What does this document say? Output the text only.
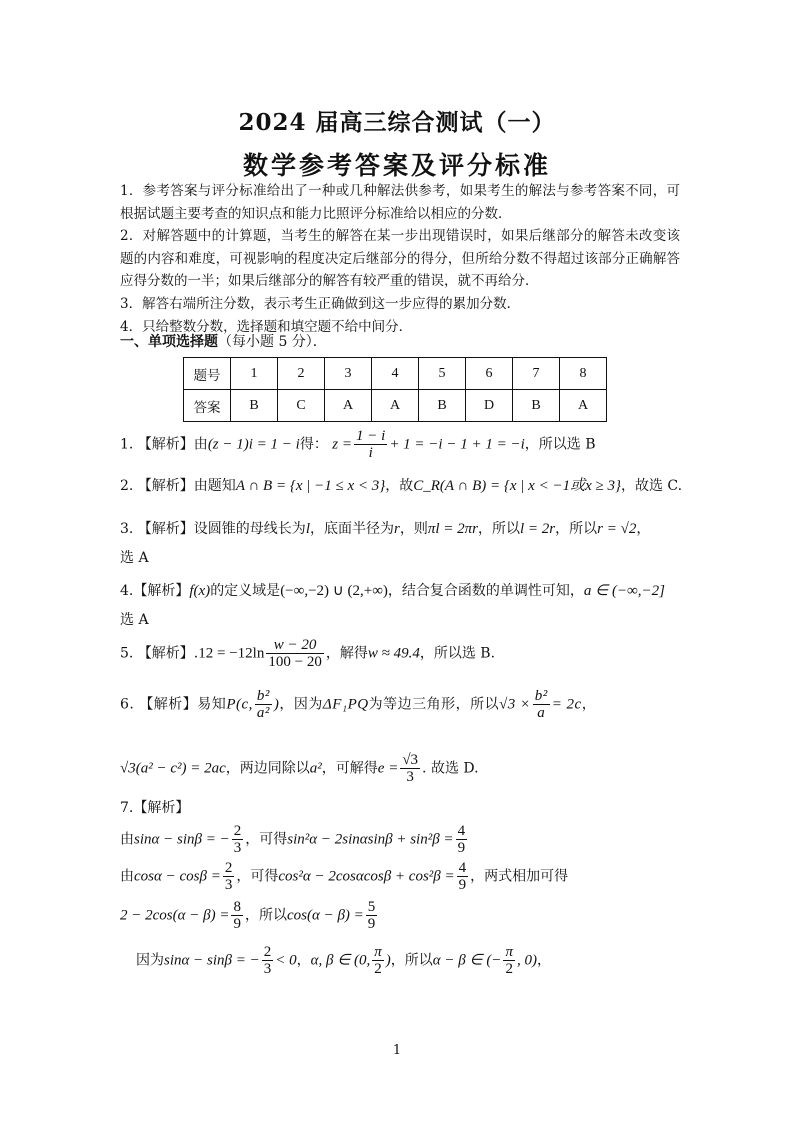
2024 届高三综合测试（一）
数学参考答案及评分标准

1．参考答案与评分标准给出了一种或几种解法供参考，如果考生的解法与参考答案不同，可根据试题主要考查的知识点和能力比照评分标准给以相应的分数．

2．对解答题中的计算题，当考生的解答在某一步出现错误时，如果后继部分的解答未改变该题的内容和难度，可视影响的程度决定后继部分的得分，但所给分数不得超过该部分正确解答应得分数的一半；如果后继部分的解答有较严重的错误，就不再给分．

3．解答右端所注分数，表示考生正确做到这一步应得的累加分数．

4．只给整数分数，选择题和填空题不给中间分．

一、单项选择题（每小题 5 分）．
题号	1	2	3	4	5	6	7	8
答案	B	C	A	A	B	D	B	A
1. 【解析】由(z − 1)i = 1 − i得： $z = \frac{1 - i}{i} + 1 = -i - 1 + 1 = -i$，所以选 B
2. 【解析】由题知A ∩ B = {x | −1 ≤ x < 3}，故C_R(A ∩ B) = {x | x < −1或x ≥ 3}，故选 C.
3. 【解析】设圆锥的母线长为l，底面半径为r，则πl = 2πr，所以l = 2r，所以r = √2，
选 A
4.【解析】f(x)的定义域是(−∞,−2) ∪ (2,+∞)，结合复合函数的单调性可知，a ∈ (−∞,−2]
选 A
5. 【解析】$.12 = -12\ln \frac{w - 20}{100 - 20}$ ，解得w ≈ 49.4，所以选 B.
6. 【解析】易知P(c, $\frac{\text{b²}}{\text{a²}}$ )，因为ΔF₁PQ为等边三角形，所以$√3 \times \frac{\text{b²}}{a} = 2c$，
√3(a² − c²) = 2ac，两边同除以a²，可解得$e = \frac{√3}{3}$ . 故选 D.
7.【解析】
由sinα − sinβ = − $\frac{2}{3}$ ，可得$\sin^2\alpha - 2\sin\alpha\sin\beta + \sin^2\beta = \frac{4}{9}$
由$\cos\alpha - \cos\beta = \frac{2}{3}$ ，可得$\cos^2\alpha - 2\cos\alpha\cos\beta + \cos^2\beta = \frac{4}{9}$ ，两式相加可得
$2 - 2\cos(\alpha - \beta) = \frac{8}{9}$ ，所以$\cos(\alpha - \beta) = \frac{5}{9}$
因为sinα − sinβ = − $\frac{2}{3} < 0$，α, β ∈ (0, $\frac{\pi}{2}$ )，所以α − β ∈ (− $\frac{\pi}{2}$ , 0)，
1
